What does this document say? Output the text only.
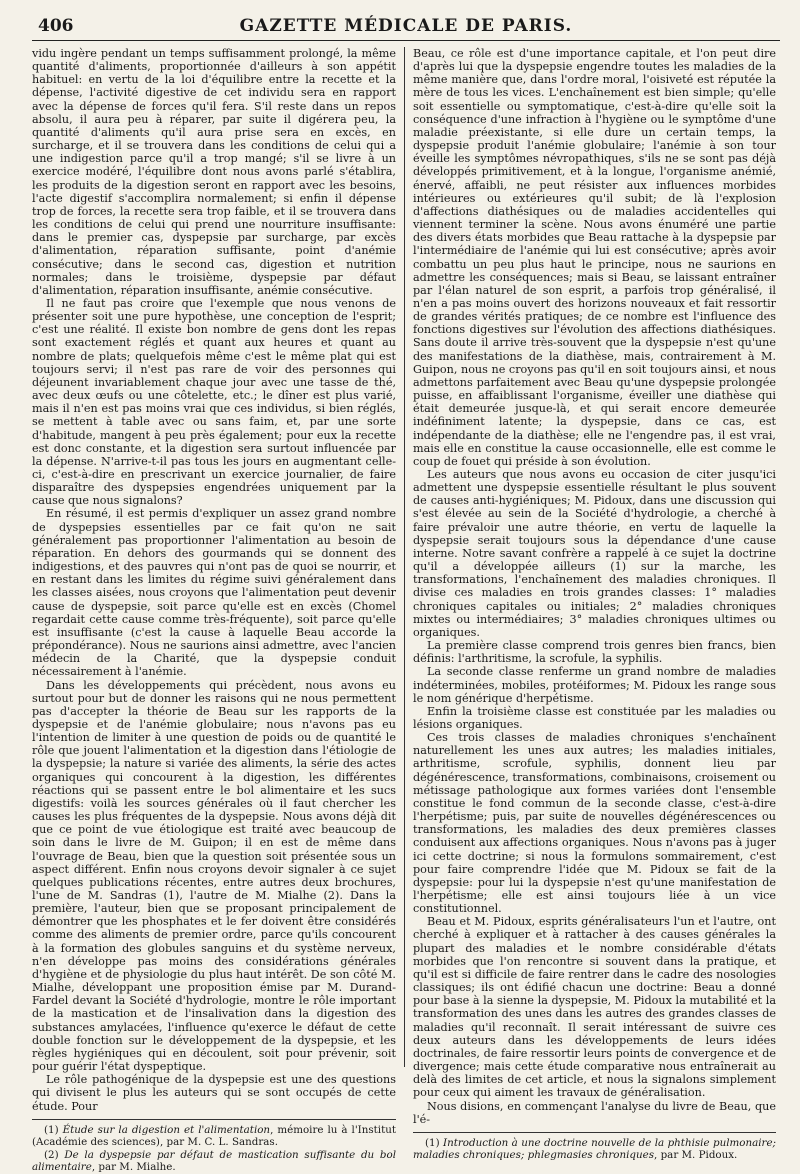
406	GAZETTE MÉDICALE DE PARIS.

vidu ingère pendant un temps suffisamment prolongé, la même quantité d'aliments, proportionnée d'ailleurs à son appétit habituel: en vertu de la loi d'équilibre entre la recette et la dépense, l'activité digestive de cet individu sera en rapport avec la dépense de forces qu'il fera. S'il reste dans un repos absolu, il aura peu à réparer, par suite il digérera peu, la quantité d'aliments qu'il aura prise sera en excès, en surcharge, et il se trouvera dans les conditions de celui qui a une indigestion parce qu'il a trop mangé; s'il se livre à un exercice modéré, l'équilibre dont nous avons parlé s'établira, les produits de la digestion seront en rapport avec les besoins, l'acte digestif s'accomplira normalement; si enfin il dépense trop de forces, la recette sera trop faible, et il se trouvera dans les conditions de celui qui prend une nourriture insuffisante: dans le premier cas, dyspepsie par surcharge, par excès d'alimentation, réparation suffisante, point d'anémie consécutive; dans le second cas, digestion et nutrition normales; dans le troisième, dyspepsie par défaut d'alimentation, réparation insuffisante, anémie consécutive.

Il ne faut pas croire que l'exemple que nous venons de présenter soit une pure hypothèse, une conception de l'esprit; c'est une réalité. Il existe bon nombre de gens dont les repas sont exactement réglés et quant aux heures et quant au nombre de plats; quelquefois même c'est le même plat qui est toujours servi; il n'est pas rare de voir des personnes qui déjeunent invariablement chaque jour avec une tasse de thé, avec deux œufs ou une côtelette, etc.; le dîner est plus varié, mais il n'en est pas moins vrai que ces individus, si bien réglés, se mettent à table avec ou sans faim, et, par une sorte d'habitude, mangent à peu près également; pour eux la recette est donc constante, et la digestion sera surtout influencée par la dépense. N'arrive-t-il pas tous les jours en augmentant celle-ci, c'est-à-dire en prescrivant un exercice journalier, de faire disparaître des dyspepsies engendrées uniquement par la cause que nous signalons?

En résumé, il est permis d'expliquer un assez grand nombre de dyspepsies essentielles par ce fait qu'on ne sait généralement pas proportionner l'alimentation au besoin de réparation. En dehors des gourmands qui se donnent des indigestions, et des pauvres qui n'ont pas de quoi se nourrir, et en restant dans les limites du régime suivi généralement dans les classes aisées, nous croyons que l'alimentation peut devenir cause de dyspepsie, soit parce qu'elle est en excès (Chomel regardait cette cause comme très-fréquente), soit parce qu'elle est insuffisante (c'est la cause à laquelle Beau accorde la prépondérance). Nous ne saurions ainsi admettre, avec l'ancien médecin de la Charité, que la dyspepsie conduit nécessairement à l'anémie.

Dans les développements qui précèdent, nous avons eu surtout pour but de donner les raisons qui ne nous permettent pas d'accepter la théorie de Beau sur les rapports de la dyspepsie et de l'anémie globulaire; nous n'avons pas eu l'intention de limiter à une question de poids ou de quantité le rôle que jouent l'alimentation et la digestion dans l'étiologie de la dyspepsie; la nature si variée des aliments, la série des actes organiques qui concourent à la digestion, les différentes réactions qui se passent entre le bol alimentaire et les sucs digestifs: voilà les sources générales où il faut chercher les causes les plus fréquentes de la dyspepsie. Nous avons déjà dit que ce point de vue étiologique est traité avec beaucoup de soin dans le livre de M. Guipon; il en est de même dans l'ouvrage de Beau, bien que la question soit présentée sous un aspect différent. Enfin nous croyons devoir signaler à ce sujet quelques publications récentes, entre autres deux brochures, l'une de M. Sandras (1), l'autre de M. Mialhe (2). Dans la première, l'auteur, bien que se proposant principalement de démontrer que les phosphates et le fer doivent être considérés comme des aliments de premier ordre, parce qu'ils concourent à la formation des globules sanguins et du système nerveux, n'en développe pas moins des considérations générales d'hygiène et de physiologie du plus haut intérêt. De son côté M. Mialhe, développant une proposition émise par M. Durand-Fardel devant la Société d'hydrologie, montre le rôle important de la mastication et de l'insalivation dans la digestion des substances amylacées, l'influence qu'exerce le défaut de cette double fonction sur le développement de la dyspepsie, et les règles hygiéniques qui en découlent, soit pour prévenir, soit pour guérir l'état dyspeptique.

Le rôle pathogénique de la dyspepsie est une des questions qui divisent le plus les auteurs qui se sont occupés de cette étude. Pour

(1) Étude sur la digestion et l'alimentation, mémoire lu à l'Institut (Académie des sciences), par M. C. L. Sandras.
(2) De la dyspepsie par défaut de mastication suffisante du bol alimentaire, par M. Mialhe.

Beau, ce rôle est d'une importance capitale, et l'on peut dire d'après lui que la dyspepsie engendre toutes les maladies de la même manière que, dans l'ordre moral, l'oisiveté est réputée la mère de tous les vices. L'enchaînement est bien simple; qu'elle soit essentielle ou symptomatique, c'est-à-dire qu'elle soit la conséquence d'une infraction à l'hygiène ou le symptôme d'une maladie préexistante, si elle dure un certain temps, la dyspepsie produit l'anémie globulaire; l'anémie à son tour éveille les symptômes névropathiques, s'ils ne se sont pas déjà développés primitivement, et à la longue, l'organisme anémié, énervé, affaibli, ne peut résister aux influences morbides intérieures ou extérieures qu'il subit; de là l'explosion d'affections diathésiques ou de maladies accidentelles qui viennent terminer la scène. Nous avons énuméré une partie des divers états morbides que Beau rattache à la dyspepsie par l'intermédiaire de l'anémie qui lui est consécutive; après avoir combattu un peu plus haut le principe, nous ne saurions en admettre les conséquences; mais si Beau, se laissant entraîner par l'élan naturel de son esprit, a parfois trop généralisé, il n'en a pas moins ouvert des horizons nouveaux et fait ressortir de grandes vérités pratiques; de ce nombre est l'influence des fonctions digestives sur l'évolution des affections diathésiques. Sans doute il arrive très-souvent que la dyspepsie n'est qu'une des manifestations de la diathèse, mais, contrairement à M. Guipon, nous ne croyons pas qu'il en soit toujours ainsi, et nous admettons parfaitement avec Beau qu'une dyspepsie prolongée puisse, en affaiblissant l'organisme, éveiller une diathèse qui était demeurée jusque-là, et qui serait encore demeurée indéfiniment latente; la dyspepsie, dans ce cas, est indépendante de la diathèse; elle ne l'engendre pas, il est vrai, mais elle en constitue la cause occasionnelle, elle est comme le coup de fouet qui préside à son évolution.

Les auteurs que nous avons eu occasion de citer jusqu'ici admettent une dyspepsie essentielle résultant le plus souvent de causes anti-hygiéniques; M. Pidoux, dans une discussion qui s'est élevée au sein de la Société d'hydrologie, a cherché à faire prévaloir une autre théorie, en vertu de laquelle la dyspepsie serait toujours sous la dépendance d'une cause interne. Notre savant confrère a rappelé à ce sujet la doctrine qu'il a développée ailleurs (1) sur la marche, les transformations, l'enchaînement des maladies chroniques. Il divise ces maladies en trois grandes classes: 1° maladies chroniques capitales ou initiales; 2° maladies chroniques mixtes ou intermédiaires; 3° maladies chroniques ultimes ou organiques.

La première classe comprend trois genres bien francs, bien définis: l'arthritisme, la scrofule, la syphilis.

La seconde classe renferme un grand nombre de maladies indéterminées, mobiles, protéiformes; M. Pidoux les range sous le nom générique d'herpétisme.

Enfin la troisième classe est constituée par les maladies ou lésions organiques.

Ces trois classes de maladies chroniques s'enchaînent naturellement les unes aux autres; les maladies initiales, arthritisme, scrofule, syphilis, donnent lieu par dégénérescence, transformations, combinaisons, croisement ou métissage pathologique aux formes variées dont l'ensemble constitue le fond commun de la seconde classe, c'est-à-dire l'herpétisme; puis, par suite de nouvelles dégénérescences ou transformations, les maladies des deux premières classes conduisent aux affections organiques. Nous n'avons pas à juger ici cette doctrine; si nous la formulons sommairement, c'est pour faire comprendre l'idée que M. Pidoux se fait de la dyspepsie: pour lui la dyspepsie n'est qu'une manifestation de l'herpétisme; elle est ainsi toujours liée à un vice constitutionnel.

Beau et M. Pidoux, esprits généralisateurs l'un et l'autre, ont cherché à expliquer et à rattacher à des causes générales la plupart des maladies et le nombre considérable d'états morbides que l'on rencontre si souvent dans la pratique, et qu'il est si difficile de faire rentrer dans le cadre des nosologies classiques; ils ont édifié chacun une doctrine: Beau a donné pour base à la sienne la dyspepsie, M. Pidoux la mutabilité et la transformation des unes dans les autres des grandes classes de maladies qu'il reconnaît. Il serait intéressant de suivre ces deux auteurs dans les développements de leurs idées doctrinales, de faire ressortir leurs points de convergence et de divergence; mais cette étude comparative nous entraînerait au delà des limites de cet article, et nous la signalons simplement pour ceux qui aiment les travaux de généralisation.

Nous disions, en commençant l'analyse du livre de Beau, que l'é-

(1) Introduction à une doctrine nouvelle de la phthisie pulmonaire; maladies chroniques; phlegmasies chroniques, par M. Pidoux.
